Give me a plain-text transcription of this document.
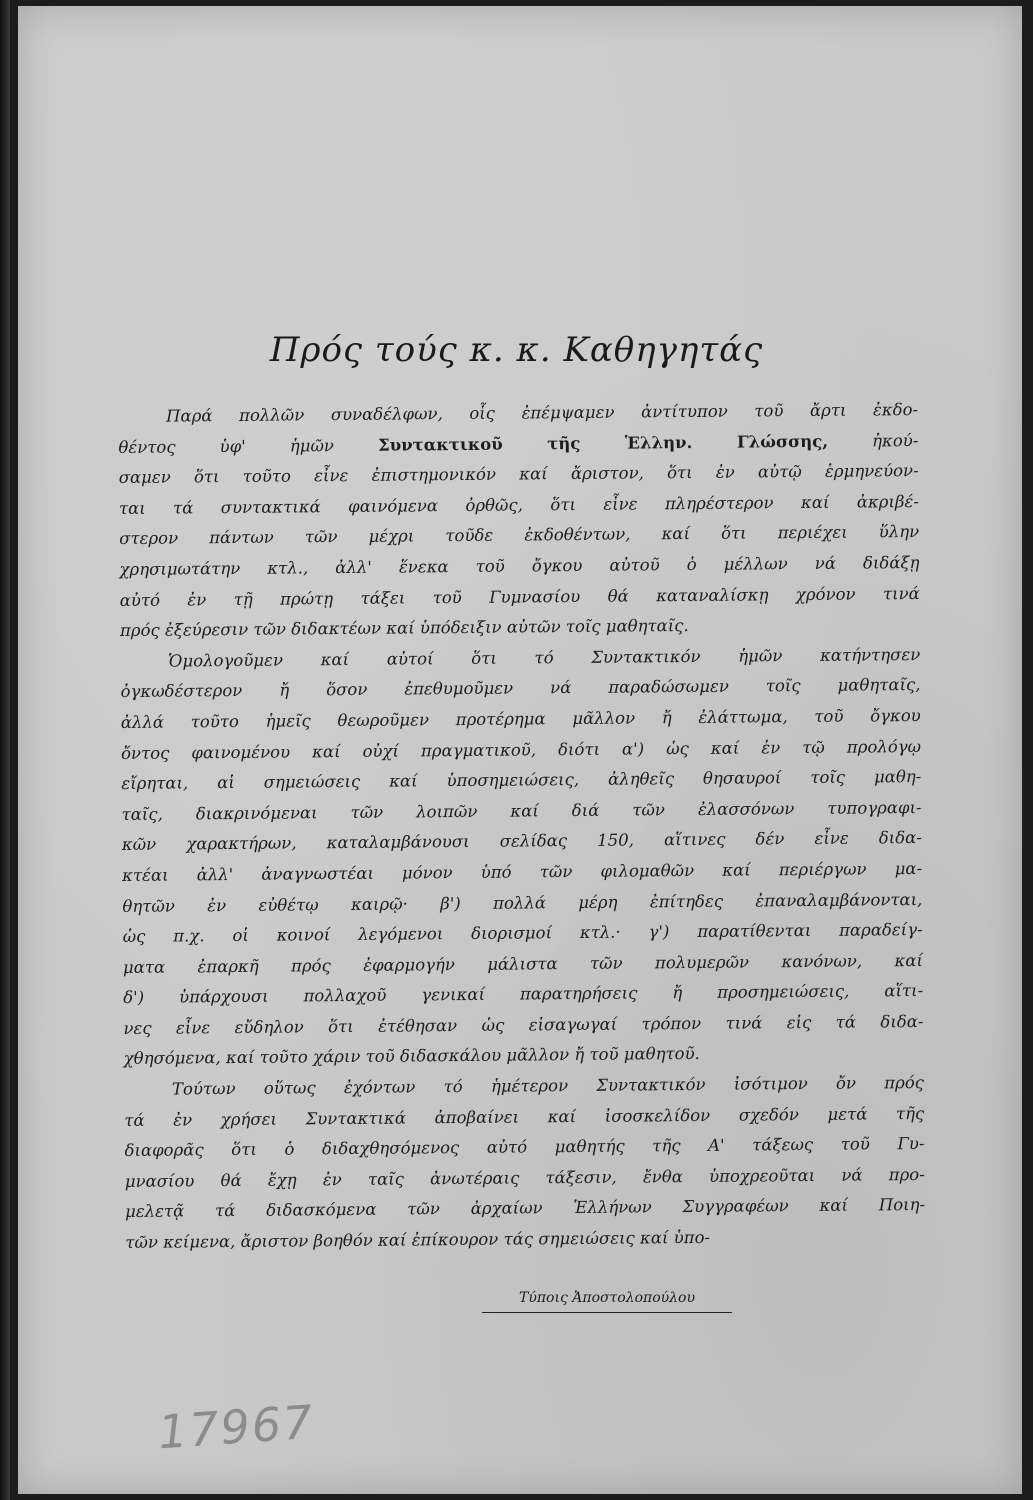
Πρός τούς κ. κ. Καθηγητάς
Παρά πολλῶν συναδέλφων, οἷς ἐπέμψαμεν ἀντίτυπον τοῦ ἄρτι ἐκδο-
θέντος ὑφ' ἡμῶν Συντακτικοῦ τῆς Ἑλλην. Γλώσσης, ἠκού-
σαμεν ὅτι τοῦτο εἶνε ἐπιστημονικόν καί ἄριστον, ὅτι ἐν αὐτῷ ἑρμηνεύον-
ται τά συντακτικά φαινόμενα ὀρθῶς, ὅτι εἶνε πληρέστερον καί ἀκριβέ-
στερον πάντων τῶν μέχρι τοῦδε ἐκδοθέντων, καί ὅτι περιέχει ὕλην
χρησιμωτάτην κτλ., ἀλλ' ἕνεκα τοῦ ὄγκου αὐτοῦ ὁ μέλλων νά διδάξῃ
αὐτό ἐν τῇ πρώτῃ τάξει τοῦ Γυμνασίου θά καταναλίσκῃ χρόνον τινά
πρός ἐξεύρεσιν τῶν διδακτέων καί ὑπόδειξιν αὐτῶν τοῖς μαθηταῖς.
Ὁμολογοῦμεν καί αὐτοί ὅτι τό Συντακτικόν ἡμῶν κατήντησεν
ὀγκωδέστερον ἤ ὅσον ἐπεθυμοῦμεν νά παραδώσωμεν τοῖς μαθηταῖς,
ἀλλά τοῦτο ἡμεῖς θεωροῦμεν προτέρημα μᾶλλον ἤ ἐλάττωμα, τοῦ ὄγκου
ὄντος φαινομένου καί οὐχί πραγματικοῦ, διότι α') ὡς καί ἐν τῷ προλόγῳ
εἴρηται, αἱ σημειώσεις καί ὑποσημειώσεις, ἀληθεῖς θησαυροί τοῖς μαθη-
ταῖς, διακρινόμεναι τῶν λοιπῶν καί διά τῶν ἐλασσόνων τυπογραφι-
κῶν χαρακτήρων, καταλαμβάνουσι σελίδας 150, αἵτινες δέν εἶνε διδα-
κτέαι ἀλλ' ἀναγνωστέαι μόνον ὑπό τῶν φιλομαθῶν καί περιέργων μα-
θητῶν ἐν εὐθέτῳ καιρῷ· β') πολλά μέρη ἐπίτηδες ἐπαναλαμβάνονται,
ὡς π.χ. οἱ κοινοί λεγόμενοι διορισμοί κτλ.· γ') παρατίθενται παραδείγ-
ματα ἐπαρκῆ πρός ἐφαρμογήν μάλιστα τῶν πολυμερῶν κανόνων, καί
δ') ὑπάρχουσι πολλαχοῦ γενικαί παρατηρήσεις ἤ προσημειώσεις, αἵτι-
νες εἶνε εὔδηλον ὅτι ἐτέθησαν ὡς εἰσαγωγαί τρόπον τινά εἰς τά διδα-
χθησόμενα, καί τοῦτο χάριν τοῦ διδασκάλου μᾶλλον ἤ τοῦ μαθητοῦ.
Τούτων οὕτως ἐχόντων τό ἡμέτερον Συντακτικόν ἰσότιμον ὄν πρός
τά ἐν χρήσει Συντακτικά ἀποβαίνει καί ἰσοσκελίδον σχεδόν μετά τῆς
διαφορᾶς ὅτι ὁ διδαχθησόμενος αὐτό μαθητής τῆς Α' τάξεως τοῦ Γυ-
μνασίου θά ἔχῃ ἐν ταῖς ἀνωτέραις τάξεσιν, ἔνθα ὑποχρεοῦται νά προ-
μελετᾷ τά διδασκόμενα τῶν ἀρχαίων Ἑλλήνων Συγγραφέων καί Ποιη-
τῶν κείμενα, ἄριστον βοηθόν καί ἐπίκουρον τάς σημειώσεις καί ὑπο-
Τύποις Ἀποστολοπούλου
17967
